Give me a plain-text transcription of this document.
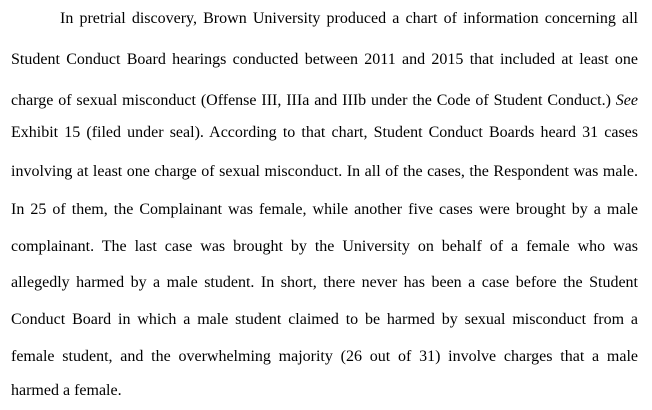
In pretrial discovery, Brown University produced a chart of information concerning all
Student Conduct Board hearings conducted between 2011 and 2015 that included at least one
charge of sexual misconduct (Offense III, IIIa and IIIb under the Code of Student Conduct.) See
Exhibit 15 (filed under seal). According to that chart, Student Conduct Boards heard 31 cases
involving at least one charge of sexual misconduct. In all of the cases, the Respondent was male.
In 25 of them, the Complainant was female, while another five cases were brought by a male
complainant. The last case was brought by the University on behalf of a female who was
allegedly harmed by a male student. In short, there never has been a case before the Student
Conduct Board in which a male student claimed to be harmed by sexual misconduct from a
female student, and the overwhelming majority (26 out of 31) involve charges that a male
harmed a female.
